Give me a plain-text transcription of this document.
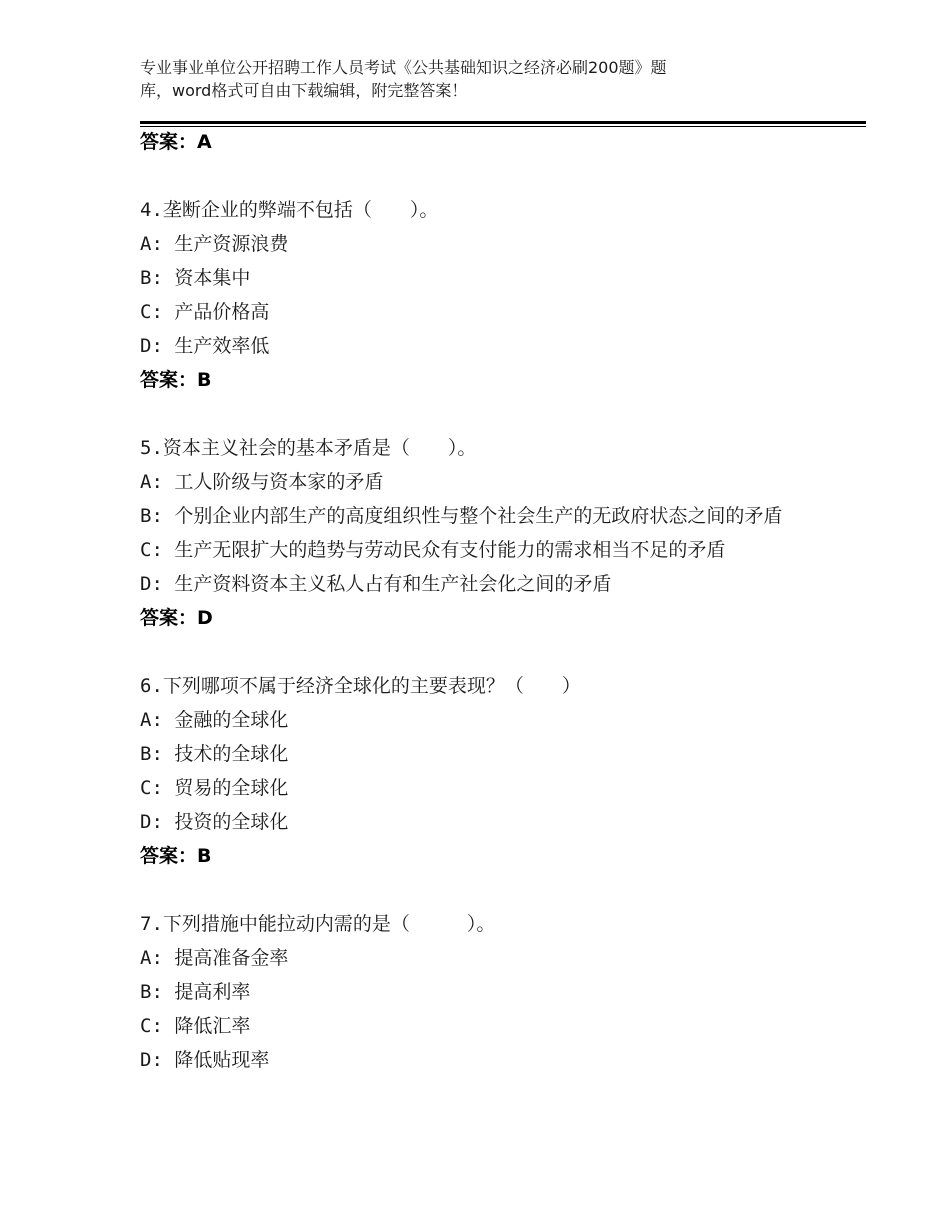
专业事业单位公开招聘工作人员考试《公共基础知识之经济必刷200题》题
库，word格式可自由下载编辑，附完整答案！
答案：A
4.垄断企业的弊端不包括（　　）。
A: 生产资源浪费
B: 资本集中
C: 产品价格高
D: 生产效率低
答案：B
5.资本主义社会的基本矛盾是（　　）。
A: 工人阶级与资本家的矛盾
B: 个别企业内部生产的高度组织性与整个社会生产的无政府状态之间的矛盾
C: 生产无限扩大的趋势与劳动民众有支付能力的需求相当不足的矛盾
D: 生产资料资本主义私人占有和生产社会化之间的矛盾
答案：D
6.下列哪项不属于经济全球化的主要表现？（　　）
A: 金融的全球化
B: 技术的全球化
C: 贸易的全球化
D: 投资的全球化
答案：B
7.下列措施中能拉动内需的是（　　　）。
A: 提高准备金率
B: 提高利率
C: 降低汇率
D: 降低贴现率
